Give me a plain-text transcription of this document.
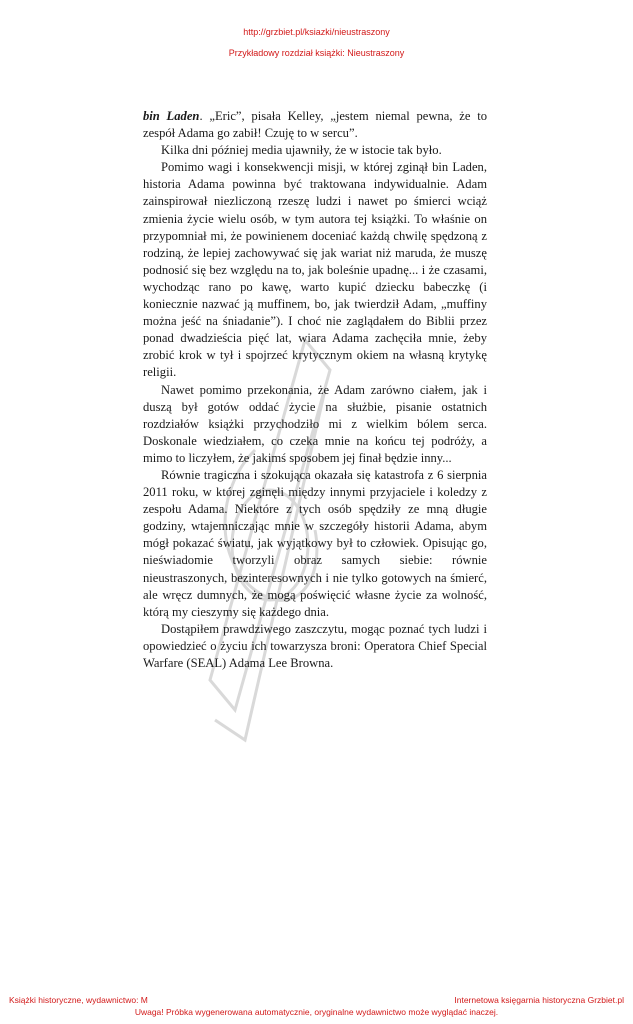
http://grzbiet.pl/ksiazki/nieustraszony
Przykładowy rozdział książki: Nieustraszony

bin Laden. „Eric”, pisała Kelley, „jestem niemal pewna, że to zespół Adama go zabił! Czuję to w sercu”.

Kilka dni później media ujawniły, że w istocie tak było.

Pomimo wagi i konsekwencji misji, w której zginął bin Laden, historia Adama powinna być traktowana indywidualnie. Adam zainspirował niezliczoną rzeszę ludzi i nawet po śmierci wciąż zmienia życie wielu osób, w tym autora tej książki. To właśnie on przypomniał mi, że powinienem doceniać każdą chwilę spędzoną z rodziną, że lepiej zachowywać się jak wariat niż maruda, że muszę podnosić się bez względu na to, jak boleśnie upadnę... i że czasami, wychodząc rano po kawę, warto kupić dziecku babeczkę (i koniecznie nazwać ją muffinem, bo, jak twierdził Adam, „muffiny można jeść na śniadanie”). I choć nie zaglądałem do Biblii przez ponad dwadzieścia pięć lat, wiara Adama zachęciła mnie, żeby zrobić krok w tył i spojrzeć krytycznym okiem na własną krytykę religii.

Nawet pomimo przekonania, że Adam zarówno ciałem, jak i duszą był gotów oddać życie na służbie, pisanie ostatnich rozdziałów książki przychodziło mi z wielkim bólem serca. Doskonale wiedziałem, co czeka mnie na końcu tej podróży, a mimo to liczyłem, że jakimś sposobem jej finał będzie inny...

Równie tragiczna i szokująca okazała się katastrofa z 6 sierpnia 2011 roku, w której zginęli między innymi przyjaciele i koledzy z zespołu Adama. Niektóre z tych osób spędziły ze mną długie godziny, wtajemniczając mnie w szczegóły historii Adama, abym mógł pokazać światu, jak wyjątkowy był to człowiek. Opisując go, nieświadomie tworzyli obraz samych siebie: równie nieustraszonych, bezinteresownych i nie tylko gotowych na śmierć, ale wręcz dumnych, że mogą poświęcić własne życie za wolność, którą my cieszymy się każdego dnia.

Dostąpiłem prawdziwego zaszczytu, mogąc poznać tych ludzi i opowiedzieć o życiu ich towarzysza broni: Operatora Chief Special Warfare (SEAL) Adama Lee Browna.

Książki historyczne, wydawnictwo: M	Internetowa księgarnia historyczna Grzbiet.pl
Uwaga! Próbka wygenerowana automatycznie, oryginalne wydawnictwo może wyglądać inaczej.
